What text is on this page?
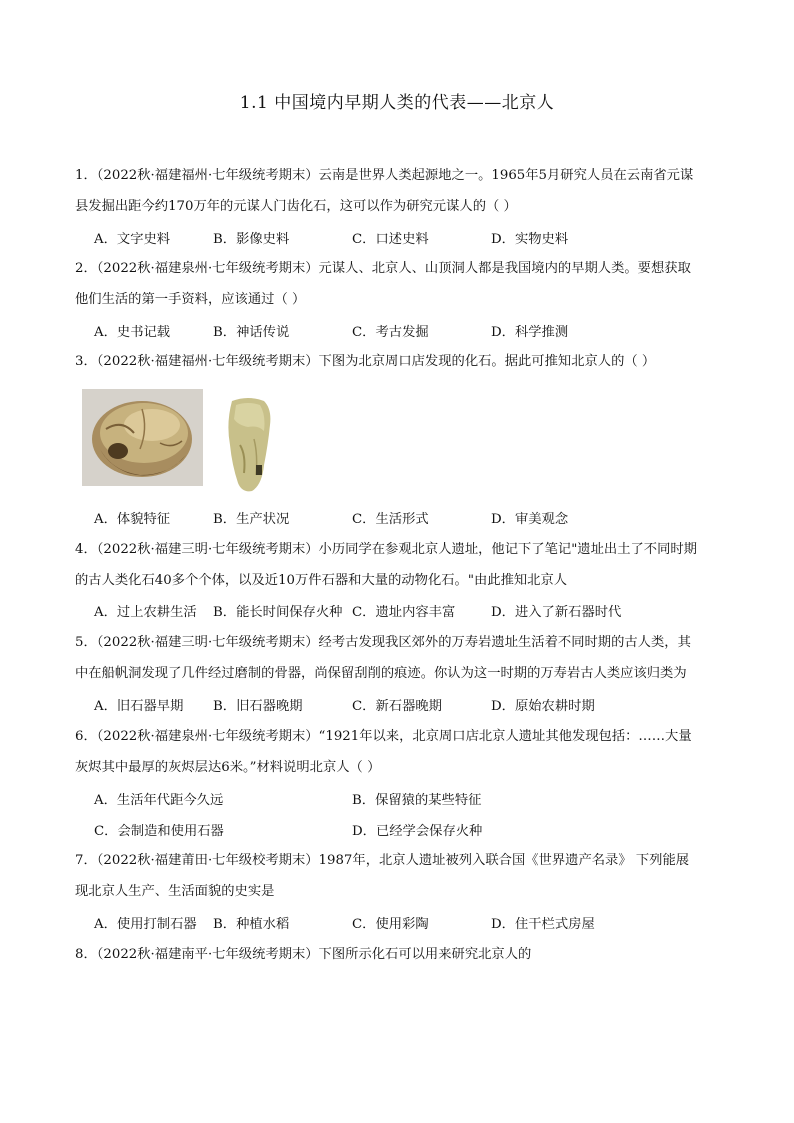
1.1 中国境内早期人类的代表——北京人

1．（2022秋·福建福州·七年级统考期末）云南是世界人类起源地之一。1965年5月研究人员在云南省元谋

县发掘出距今约170万年的元谋人门齿化石，这可以作为研究元谋人的（ ）

A．文字史料	B．影像史料	C．口述史料	D．实物史料

2．（2022秋·福建泉州·七年级统考期末）元谋人、北京人、山顶洞人都是我国境内的早期人类。要想获取

他们生活的第一手资料，应该通过（ ）

A．史书记载	B．神话传说	C．考古发掘	D．科学推测

3．（2022秋·福建福州·七年级统考期末）下图为北京周口店发现的化石。据此可推知北京人的（ ）

A．体貌特征	B．生产状况	C．生活形式	D．审美观念

4．（2022秋·福建三明·七年级统考期末）小历同学在参观北京人遗址，他记下了笔记"遗址出土了不同时期

的古人类化石40多个个体，以及近10万件石器和大量的动物化石。"由此推知北京人

A．过上农耕生活 B．能长时间保存火种 C．遗址内容丰富	D．进入了新石器时代

5．（2022秋·福建三明·七年级统考期末）经考古发现我区郊外的万寿岩遗址生活着不同时期的古人类，其

中在船帆洞发现了几件经过磨制的骨器，尚保留刮削的痕迹。你认为这一时期的万寿岩古人类应该归类为

A．旧石器早期 B．旧石器晚期	C．新石器晚期	D．原始农耕时期

6．（2022秋·福建泉州·七年级统考期末）“1921年以来，北京周口店北京人遗址其他发现包括：……大量

灰烬其中最厚的灰烬层达6米。”材料说明北京人（ ）

A．生活年代距今久远	B．保留猿的某些特征
C．会制造和使用石器	D．已经学会保存火种

7．（2022秋·福建莆田·七年级校考期末）1987年，北京人遗址被列入联合国《世界遗产名录》 下列能展

现北京人生产、生活面貌的史实是

A．使用打制石器 B．种植水稻	C．使用彩陶	D．住干栏式房屋

8．（2022秋·福建南平·七年级统考期末）下图所示化石可以用来研究北京人的
